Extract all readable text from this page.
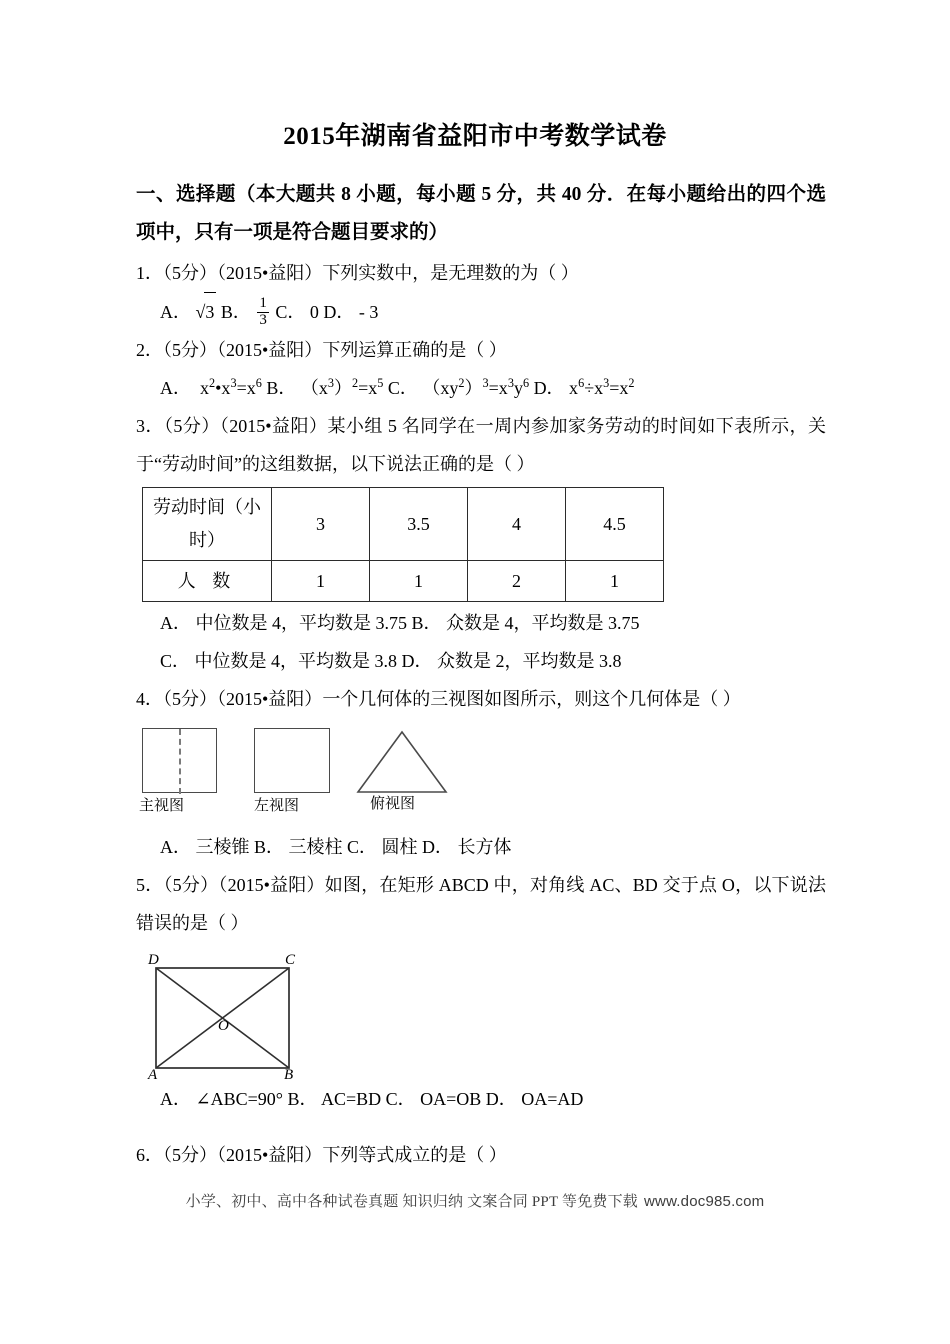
2015年湖南省益阳市中考数学试卷
一、选择题（本大题共 8 小题，每小题 5 分，共 40 分．在每小题给出的四个选项中，只有一项是符合题目要求的）
1．（5分）（2015•益阳）下列实数中，是无理数的为（ ）
A． √3 B． $\frac{1}{3}$ C． 0 D． - 3
2．（5分）（2015•益阳）下列运算正确的是（ ）
A．  $x^2•x^3=x^6$ B． $(x^3)^2=x^5$ C． $(xy^2)^3=x^3y^6$ D． $x^6\div x^3=x^2$
3．（5分）（2015•益阳）某小组 5 名同学在一周内参加家务劳动的时间如下表所示，关于“劳动时间”的这组数据，以下说法正确的是（ ）
劳动时间（小时）	3	3.5	4	4.5
人 数	1	1	2	1
A． 中位数是 4，平均数是 3.75 B． 众数是 4，平均数是 3.75
C． 中位数是 4，平均数是 3.8 D． 众数是 2，平均数是 3.8
4．（5分）（2015•益阳）一个几何体的三视图如图所示，则这个几何体是（ ）
主视图	左视图	俯视图
A． 三棱锥 B． 三棱柱 C． 圆柱 D． 长方体
5．（5分）（2015•益阳）如图，在矩形 ABCD 中，对角线 AC、BD 交于点 O，以下说法错误的是（ ）
D	C
A	B
O
A． ∠ABC=90° B． AC=BD C． OA=OB D． OA=AD
6．（5分）（2015•益阳）下列等式成立的是（ ）
小学、初中、高中各种试卷真题 知识归纳 文案合同 PPT 等免费下载 www.doc985.com
